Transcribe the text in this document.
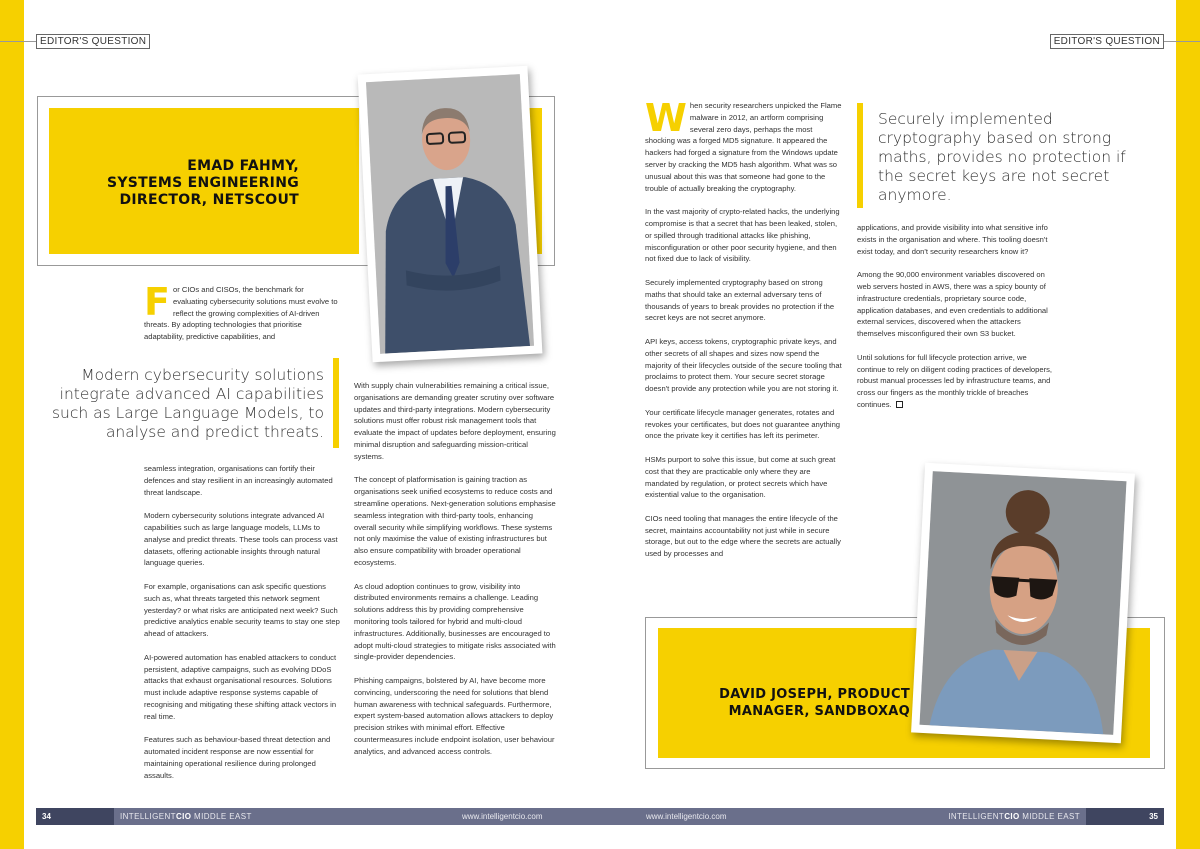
EDITOR'S QUESTION
EMAD FAHMY,
SYSTEMS ENGINEERING
DIRECTOR, NETSCOUT
For CIOs and CISOs, the benchmark for evaluating cybersecurity solutions must evolve to reflect the growing complexities of AI-driven threats. By adopting technologies that prioritise adaptability, predictive capabilities, and
Modern cybersecurity solutions integrate advanced AI capabilities such as Large Language Models, to analyse and predict threats.

seamless integration, organisations can fortify their defences and stay resilient in an increasingly automated threat landscape.

Modern cybersecurity solutions integrate advanced AI capabilities such as large language models, LLMs to analyse and predict threats. These tools can process vast datasets, offering actionable insights through natural language queries.

For example, organisations can ask specific questions such as, what threats targeted this network segment yesterday? or what risks are anticipated next week? Such predictive analytics enable security teams to stay one step ahead of attackers.

AI-powered automation has enabled attackers to conduct persistent, adaptive campaigns, such as evolving DDoS attacks that exhaust organisational resources. Solutions must include adaptive response systems capable of recognising and mitigating these shifting attack vectors in real time.

Features such as behaviour-based threat detection and automated incident response are now essential for maintaining operational resilience during prolonged assaults.

With supply chain vulnerabilities remaining a critical issue, organisations are demanding greater scrutiny over software updates and third-party integrations. Modern cybersecurity solutions must offer robust risk management tools that evaluate the impact of updates before deployment, ensuring minimal disruption and safeguarding mission-critical systems.

The concept of platformisation is gaining traction as organisations seek unified ecosystems to reduce costs and streamline operations. Next-generation solutions emphasise seamless integration with third-party tools, enhancing overall security while simplifying workflows. These systems not only maximise the value of existing infrastructures but also ensure compatibility with broader operational ecosystems.

As cloud adoption continues to grow, visibility into distributed environments remains a challenge. Leading solutions address this by providing comprehensive monitoring tools tailored for hybrid and multi-cloud infrastructures. Additionally, businesses are encouraged to adopt multi-cloud strategies to mitigate risks associated with single-provider dependencies.

Phishing campaigns, bolstered by AI, have become more convincing, underscoring the need for solutions that blend human awareness with technical safeguards. Furthermore, expert system-based automation allows attackers to deploy precision strikes with minimal effort. Effective countermeasures include endpoint isolation, user behaviour analytics, and advanced access controls.

EDITOR'S QUESTION

When security researchers unpicked the Flame malware in 2012, an artform comprising several zero days, perhaps the most shocking was a forged MD5 signature. It appeared the hackers had forged a signature from the Windows update server by cracking the MD5 hash algorithm. What was so unusual about this was that someone had gone to the trouble of actually breaking the cryptography.

In the vast majority of crypto-related hacks, the underlying compromise is that a secret that has been leaked, stolen, or spilled through traditional attacks like phishing, misconfiguration or other poor security hygiene, and then not fixed due to lack of visibility.

Securely implemented cryptography based on strong maths that should take an external adversary tens of thousands of years to break provides no protection if the secret keys are not secret anymore.

API keys, access tokens, cryptographic private keys, and other secrets of all shapes and sizes now spend the majority of their lifecycles outside of the secure tooling that proclaims to protect them. Your secure secret storage doesn't provide any protection while you are not storing it.

Your certificate lifecycle manager generates, rotates and revokes your certificates, but does not guarantee anything once the private key it certifies has left its perimeter.

HSMs purport to solve this issue, but come at such great cost that they are practicable only where they are mandated by regulation, or protect secrets which have existential value to the organisation.

CIOs need tooling that manages the entire lifecycle of the secret, maintains accountability not just while in secure storage, but out to the edge where the secrets are actually used by processes and

Securely implemented cryptography based on strong maths, provides no protection if the secret keys are not secret anymore.

applications, and provide visibility into what sensitive info exists in the organisation and where. This tooling doesn't exist today, and don't security researchers know it?

Among the 90,000 environment variables discovered on web servers hosted in AWS, there was a spicy bounty of infrastructure credentials, proprietary source code, application databases, and even credentials to additional external services, discovered when the attackers themselves misconfigured their own S3 bucket.

Until solutions for full lifecycle protection arrive, we continue to rely on diligent coding practices of developers, robust manual processes led by infrastructure teams, and cross our fingers as the monthly trickle of breaches continues.

DAVID JOSEPH, PRODUCT
MANAGER, SANDBOXAQ
34	INTELLIGENTCIO MIDDLE EAST	www.intelligentcio.com	www.intelligentcio.com	INTELLIGENTCIO MIDDLE EAST	35
